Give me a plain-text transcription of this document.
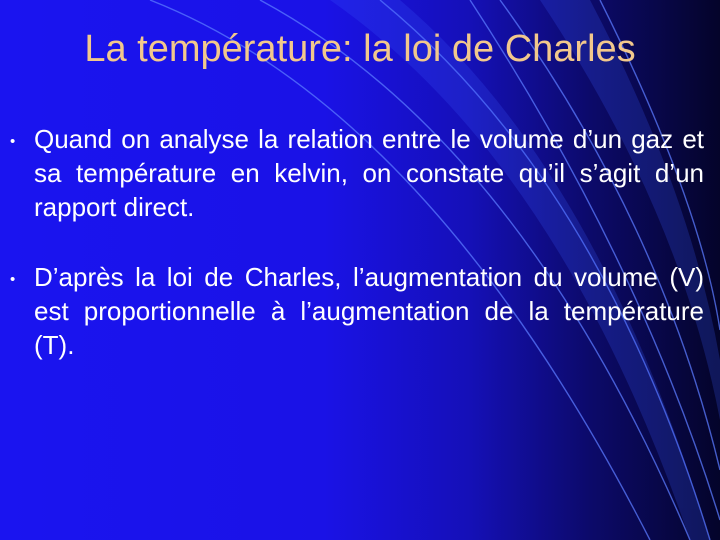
La température: la loi de Charles
• Quand on analyse la relation entre le volume d’un gaz et sa température en kelvin, on constate qu’il s’agit d’un rapport direct.
• D’après la loi de Charles, l’augmentation du volume (V) est proportionnelle à l’augmentation de la température (T).
